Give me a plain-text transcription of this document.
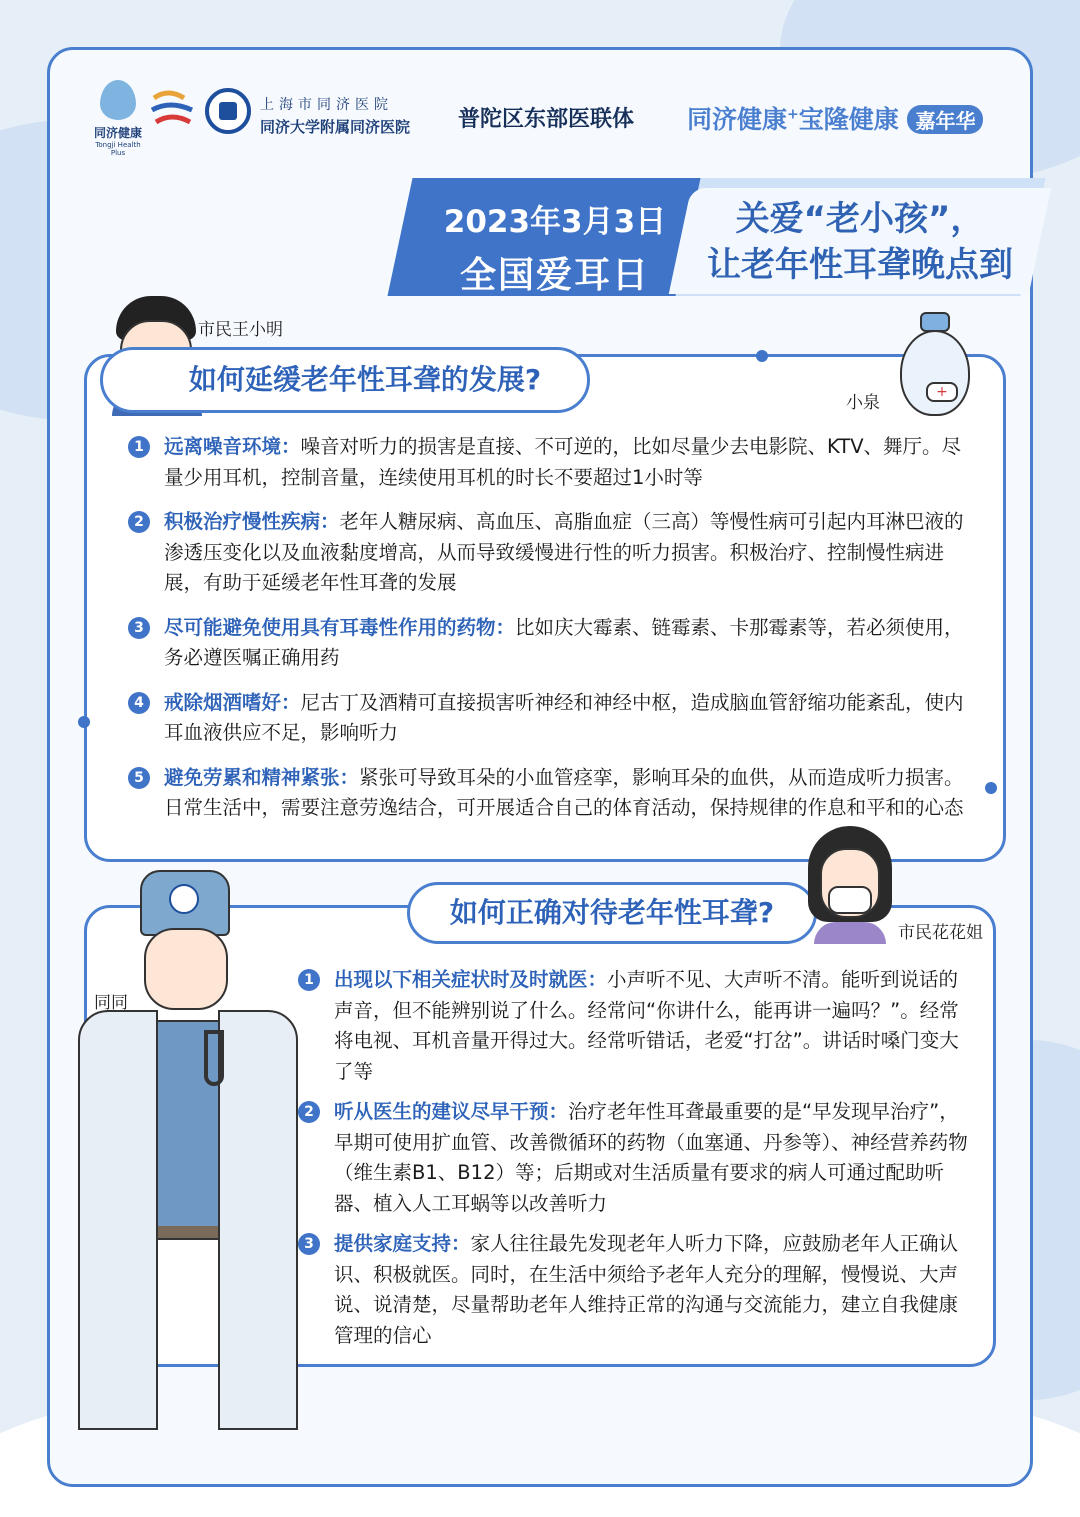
同济健康
Tongji Health Plus
上海市同济医院
同济大学附属同济医院 普陀区东部医联体 同济健康+宝隆健康 嘉年华
2023年3月3日
全国爱耳日
关爱“老小孩”，
让老年性耳聋晚点到
市民王小明
如何延缓老年性耳聋的发展?	+
小泉
1	远离噪音环境：噪音对听力的损害是直接、不可逆的，比如尽量少去电影院、KTV、舞厅。尽量少用耳机，控制音量，连续使用耳机的时长不要超过1小时等
2	积极治疗慢性疾病：老年人糖尿病、高血压、高脂血症（三高）等慢性病可引起内耳淋巴液的渗透压变化以及血液黏度增高，从而导致缓慢进行性的听力损害。积极治疗、控制慢性病进展，有助于延缓老年性耳聋的发展
3	尽可能避免使用具有耳毒性作用的药物：比如庆大霉素、链霉素、卡那霉素等，若必须使用，务必遵医嘱正确用药
4	戒除烟酒嗜好：尼古丁及酒精可直接损害听神经和神经中枢，造成脑血管舒缩功能紊乱，使内耳血液供应不足，影响听力
5	避免劳累和精神紧张：紧张可导致耳朵的小血管痉挛，影响耳朵的血供，从而造成听力损害。日常生活中，需要注意劳逸结合，可开展适合自己的体育活动，保持规律的作息和平和的心态
如何正确对待老年性耳聋?
市民花花姐
同同
1	出现以下相关症状时及时就医：小声听不见、大声听不清。能听到说话的声音，但不能辨别说了什么。经常问“你讲什么，能再讲一遍吗？”。经常将电视、耳机音量开得过大。经常听错话，老爱“打岔”。讲话时嗓门变大了等
2	听从医生的建议尽早干预：治疗老年性耳聋最重要的是“早发现早治疗”，早期可使用扩血管、改善微循环的药物（血塞通、丹参等）、神经营养药物（维生素B1、B12）等；后期或对生活质量有要求的病人可通过配助听器、植入人工耳蜗等以改善听力
3	提供家庭支持：家人往往最先发现老年人听力下降，应鼓励老年人正确认识、积极就医。同时，在生活中须给予老年人充分的理解，慢慢说、大声说、说清楚，尽量帮助老年人维持正常的沟通与交流能力，建立自我健康管理的信心
